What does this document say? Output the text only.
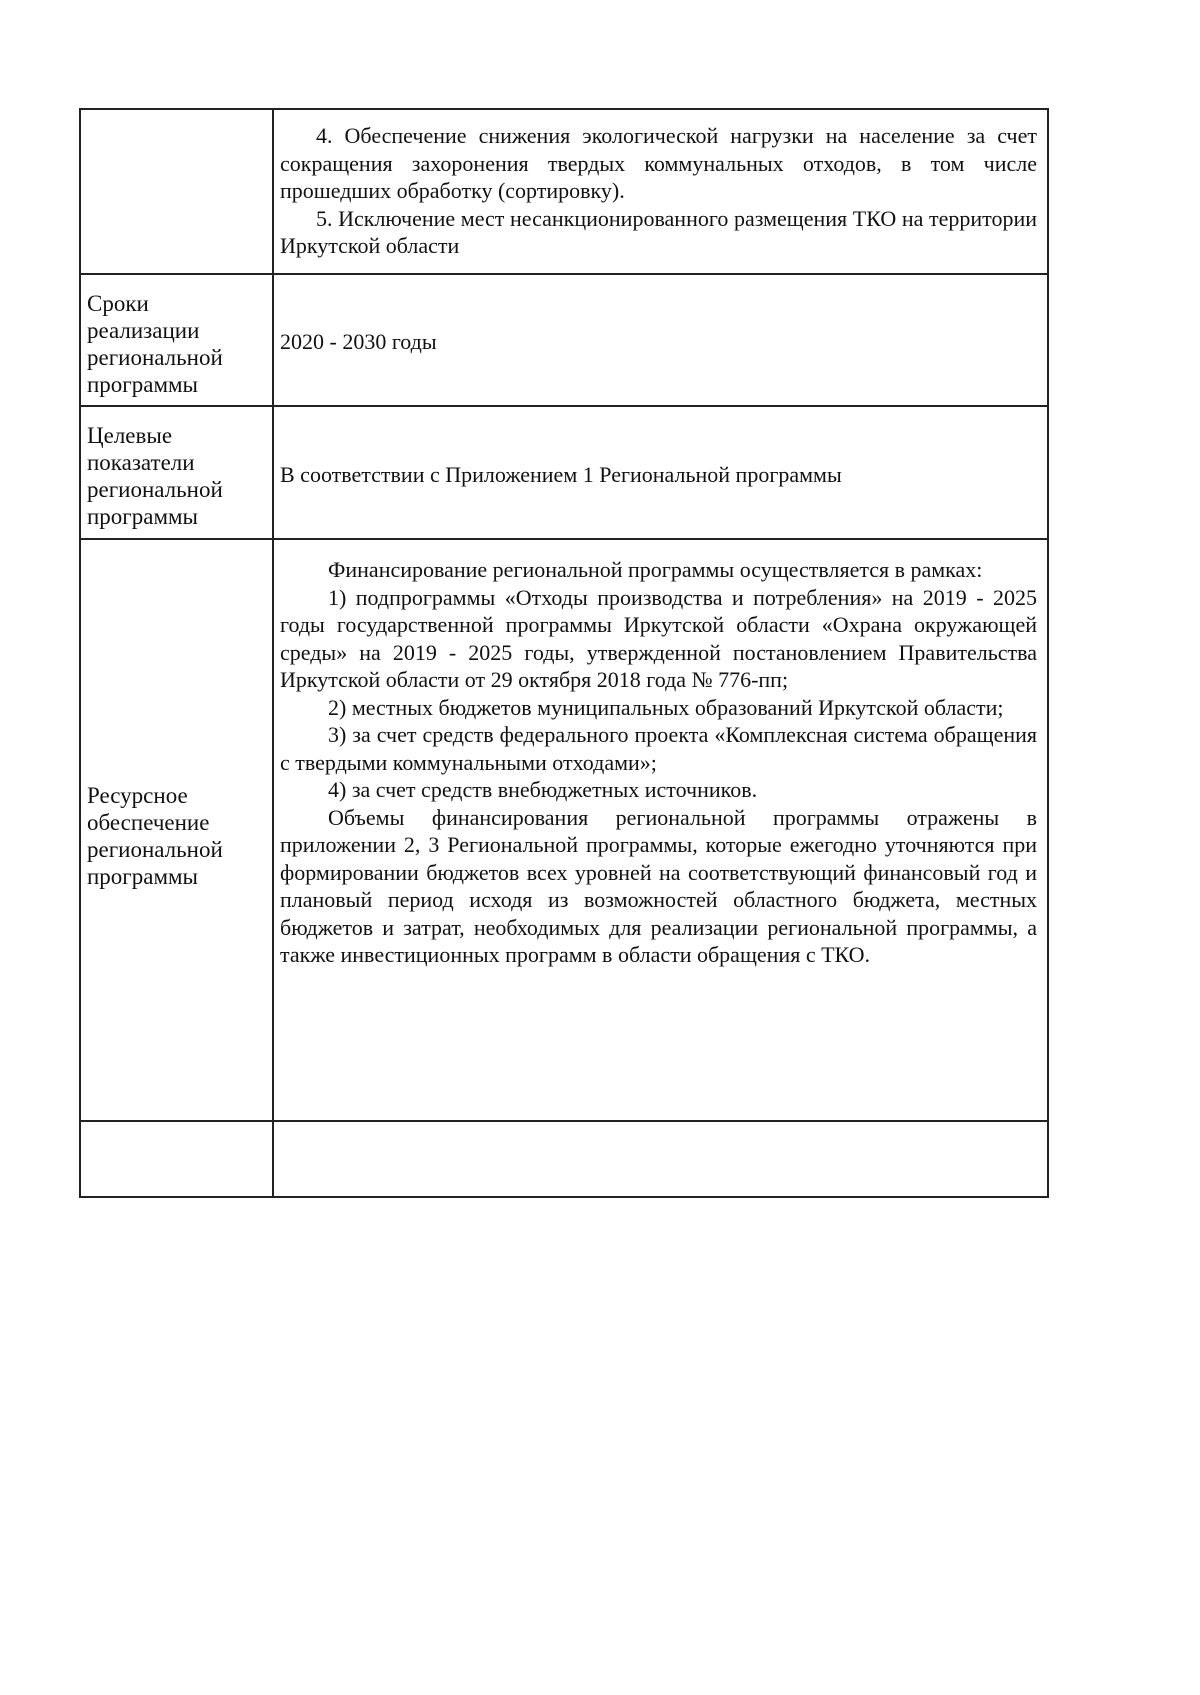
4. Обеспечение снижения экологической нагрузки на население за счет сокращения захоронения твердых коммунальных отходов, в том числе прошедших обработку (сортировку).

5. Исключение мест несанкционированного размещения ТКО на территории Иркутской области

Сроки реализации региональной программы
2020 - 2030 годы
Целевые показатели региональной программы
В соответствии с Приложением 1 Региональной программы
Ресурсное обеспечение региональной программы

Финансирование региональной программы осуществляется в рамках:

1) подпрограммы «Отходы производства и потребления» на 2019 - 2025 годы государственной программы Иркутской области «Охрана окружающей среды» на 2019 - 2025 годы, утвержденной постановлением Правительства Иркутской области от 29 октября 2018 года № 776-пп;

2) местных бюджетов муниципальных образований Иркутской области;

3) за счет средств федерального проекта «Комплексная система обращения с твердыми коммунальными отходами»;

4) за счет средств внебюджетных источников.

Объемы финансирования региональной программы отражены в приложении 2, 3 Региональной программы, которые ежегодно уточняются при формировании бюджетов всех уровней на соответствующий финансовый год и плановый период исходя из возможностей областного бюджета, местных бюджетов и затрат, необходимых для реализации региональной программы, а также инвестиционных программ в области обращения с ТКО.
